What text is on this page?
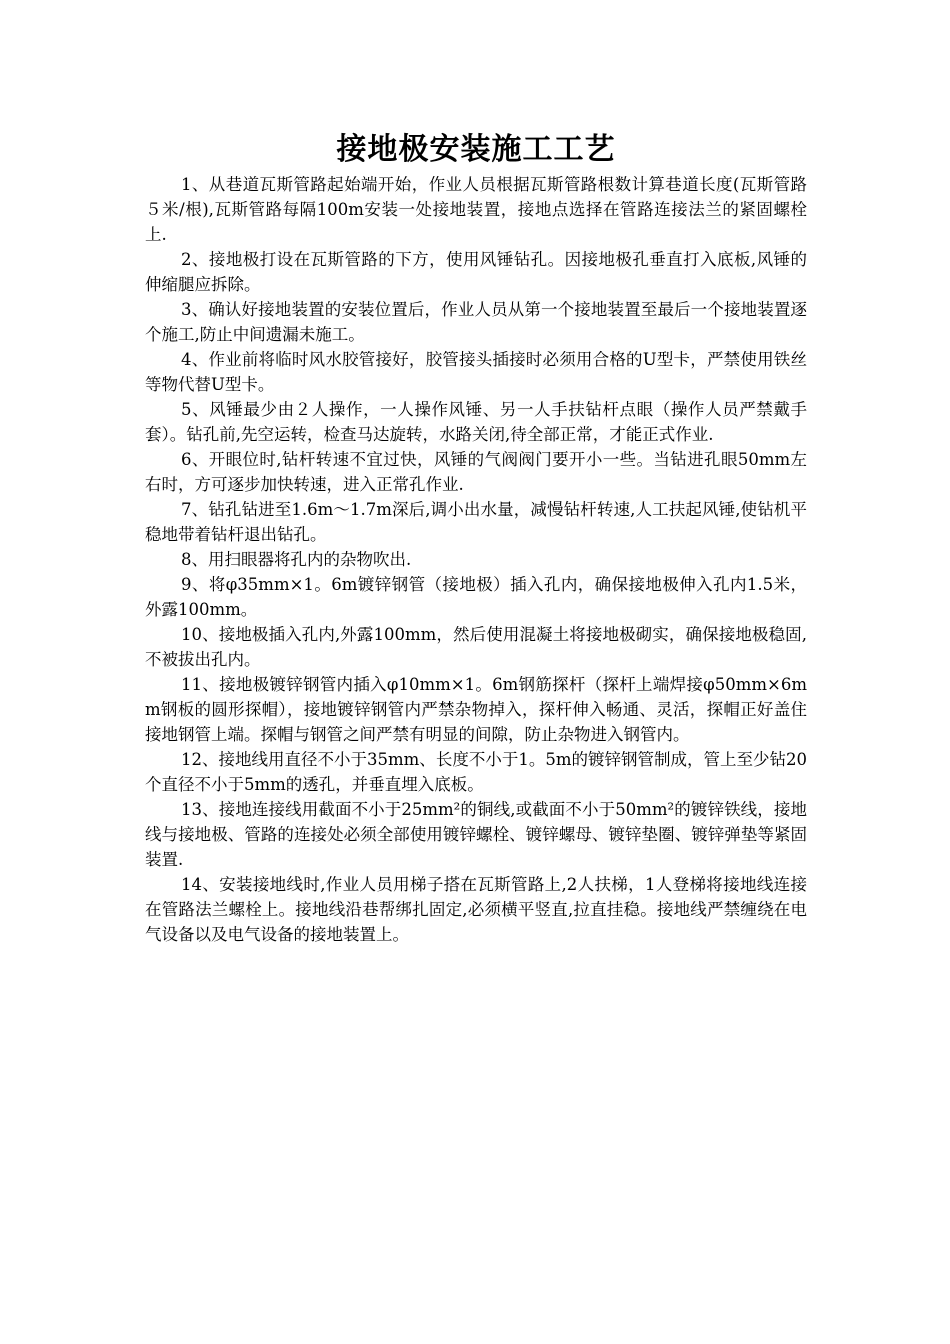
接地极安装施工工艺

1、从巷道瓦斯管路起始端开始，作业人员根据瓦斯管路根数计算巷道长度(瓦斯管路５米/根),瓦斯管路每隔100m安装一处接地装置，接地点选择在管路连接法兰的紧固螺栓上.

2、接地极打设在瓦斯管路的下方，使用风锤钻孔。因接地极孔垂直打入底板,风锤的伸缩腿应拆除。

3、确认好接地装置的安装位置后，作业人员从第一个接地装置至最后一个接地装置逐个施工,防止中间遗漏未施工。

4、作业前将临时风水胶管接好，胶管接头插接时必须用合格的U型卡，严禁使用铁丝等物代替U型卡。

5、风锤最少由２人操作，一人操作风锤、另一人手扶钻杆点眼（操作人员严禁戴手套）。钻孔前,先空运转，检查马达旋转，水路关闭,待全部正常，才能正式作业.

6、开眼位时,钻杆转速不宜过快，风锤的气阀阀门要开小一些。当钻进孔眼50mm左右时，方可逐步加快转速，进入正常孔作业.

7、钻孔钻进至1.6m～1.7m深后,调小出水量，减慢钻杆转速,人工扶起风锤,使钻机平稳地带着钻杆退出钻孔。

8、用扫眼器将孔内的杂物吹出.

9、将φ35mm×1。6m镀锌钢管（接地极）插入孔内，确保接地极伸入孔内1.5米，外露100mm。

10、接地极插入孔内,外露100mm，然后使用混凝土将接地极砌实，确保接地极稳固,不被拔出孔内。

11、接地极镀锌钢管内插入φ10mm×1。6m钢筋探杆（探杆上端焊接φ50mm×6mm钢板的圆形探帽），接地镀锌钢管内严禁杂物掉入，探杆伸入畅通、灵活，探帽正好盖住接地钢管上端。探帽与钢管之间严禁有明显的间隙，防止杂物进入钢管内。

12、接地线用直径不小于35mm、长度不小于1。5m的镀锌钢管制成，管上至少钻20个直径不小于5mm的透孔，并垂直埋入底板。

13、接地连接线用截面不小于25mm²的铜线,或截面不小于50mm²的镀锌铁线，接地线与接地极、管路的连接处必须全部使用镀锌螺栓、镀锌螺母、镀锌垫圈、镀锌弹垫等紧固装置.

14、安装接地线时,作业人员用梯子搭在瓦斯管路上,2人扶梯，1人登梯将接地线连接在管路法兰螺栓上。接地线沿巷帮绑扎固定,必须横平竖直,拉直挂稳。接地线严禁缠绕在电气设备以及电气设备的接地装置上。
